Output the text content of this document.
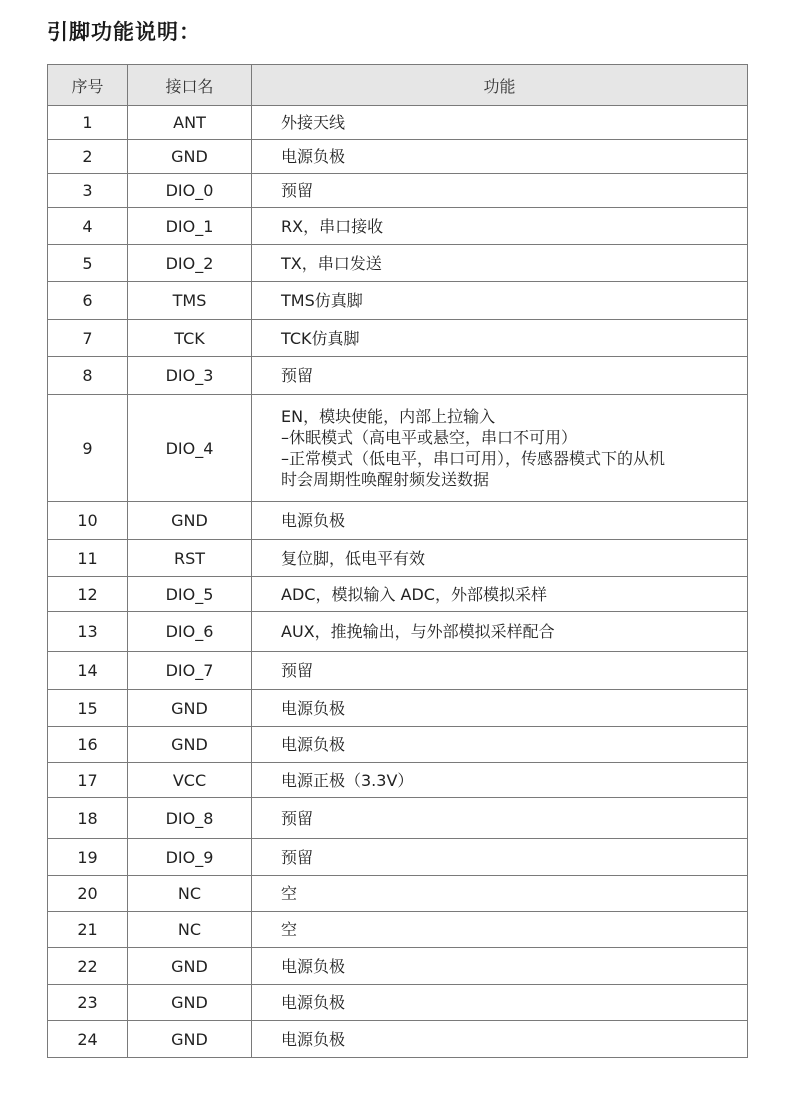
引脚功能说明：
序号	接口名	功能
1	ANT	外接天线

2	GND	电源负极

3	DIO_0	预留

4	DIO_1	RX，串口接收

5	DIO_2	TX，串口发送

6	TMS	TMS仿真脚

7	TCK	TCK仿真脚

8	DIO_3	预留

9	DIO_4	EN，模块使能，内部上拉输入
–休眠模式（高电平或悬空，串口不可用）
–正常模式（低电平，串口可用），传感器模式下的从机
时会周期性唤醒射频发送数据

10	GND	电源负极

11	RST	复位脚，低电平有效

12	DIO_5	ADC，模拟输入 ADC，外部模拟采样

13	DIO_6	AUX，推挽输出，与外部模拟采样配合

14	DIO_7	预留

15	GND	电源负极

16	GND	电源负极

17	VCC	电源正极（3.3V）

18	DIO_8	预留

19	DIO_9	预留

20	NC	空

21	NC	空

22	GND	电源负极

23	GND	电源负极

24	GND	电源负极
